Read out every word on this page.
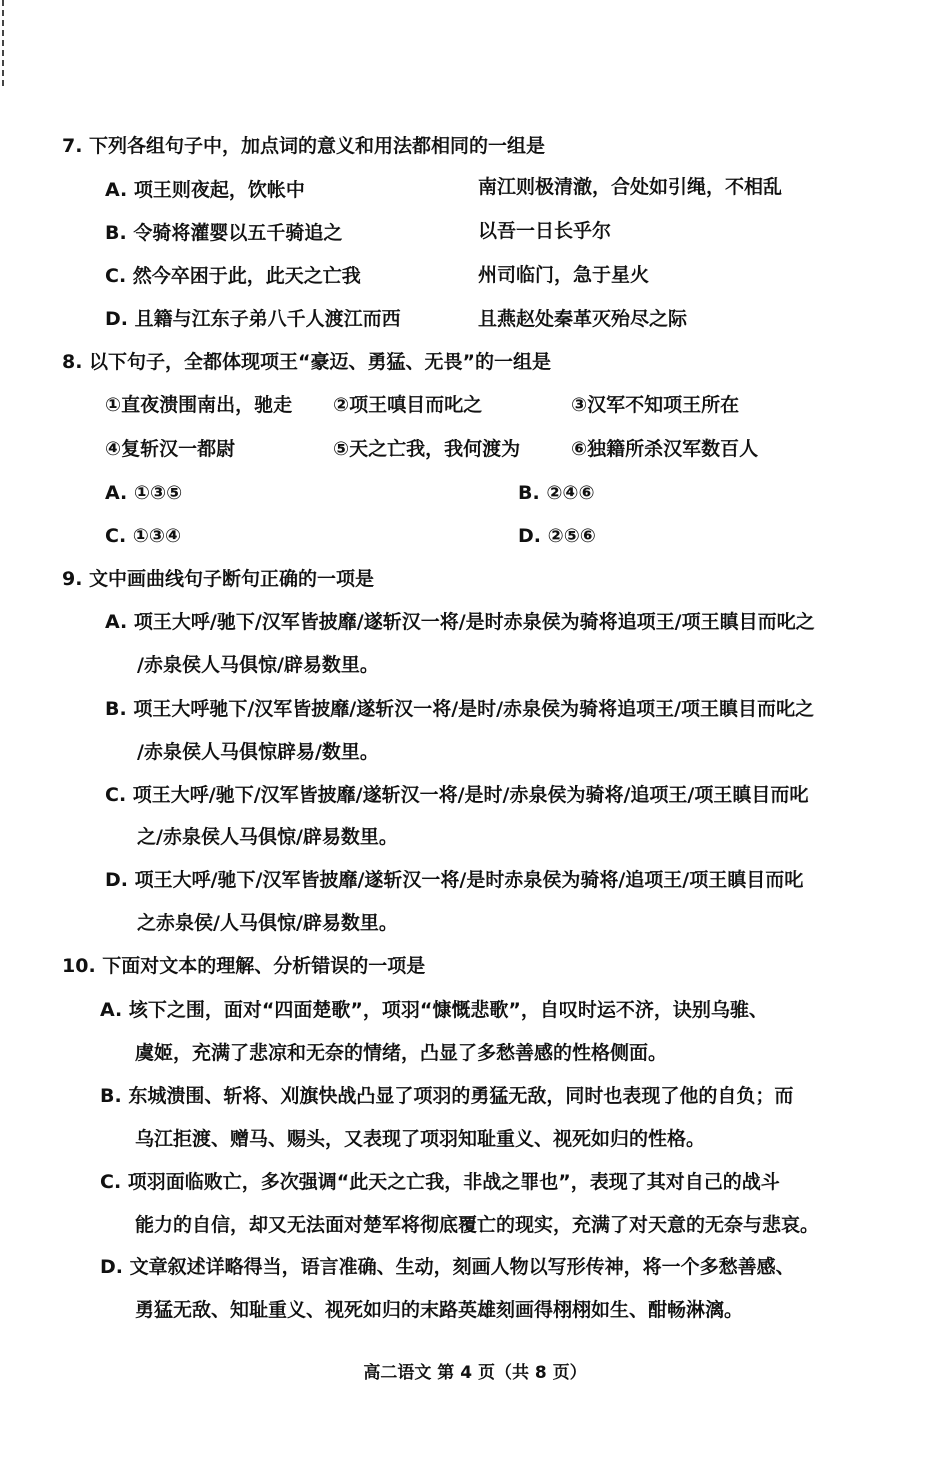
7. 下列各组句子中，加点词的意义和用法都相同的一组是
A. 项王则夜起，饮帐中	南江则极清澈，合处如引绳，不相乱
B. 令骑将灌婴以五千骑追之	以吾一日长乎尔
C. 然今卒困于此，此天之亡我	州司临门，急于星火
D. 且籍与江东子弟八千人渡江而西	且燕赵处秦革灭殆尽之际
8. 以下句子，全都体现项王“豪迈、勇猛、无畏”的一组是
①直夜溃围南出，驰走 ②项王嗔目而叱之	③汉军不知项王所在
④复斩汉一都尉	⑤天之亡我，我何渡为	⑥独籍所杀汉军数百人
A. ①③⑤	B. ②④⑥
C. ①③④	D. ②⑤⑥
9. 文中画曲线句子断句正确的一项是
A. 项王大呼/驰下/汉军皆披靡/遂斩汉一将/是时赤泉侯为骑将追项王/项王瞋目而叱之
/赤泉侯人马俱惊/辟易数里。
B. 项王大呼驰下/汉军皆披靡/遂斩汉一将/是时/赤泉侯为骑将追项王/项王瞋目而叱之
/赤泉侯人马俱惊辟易/数里。
C. 项王大呼/驰下/汉军皆披靡/遂斩汉一将/是时/赤泉侯为骑将/追项王/项王瞋目而叱
之/赤泉侯人马俱惊/辟易数里。
D. 项王大呼/驰下/汉军皆披靡/遂斩汉一将/是时赤泉侯为骑将/追项王/项王瞋目而叱
之赤泉侯/人马俱惊/辟易数里。
10. 下面对文本的理解、分析错误的一项是
A. 垓下之围，面对“四面楚歌”，项羽“慷慨悲歌”，自叹时运不济，诀别乌骓、
虞姬，充满了悲凉和无奈的情绪，凸显了多愁善感的性格侧面。
B. 东城溃围、斩将、刈旗快战凸显了项羽的勇猛无敌，同时也表现了他的自负；而
乌江拒渡、赠马、赐头，又表现了项羽知耻重义、视死如归的性格。
C. 项羽面临败亡，多次强调“此天之亡我，非战之罪也”，表现了其对自己的战斗
能力的自信，却又无法面对楚军将彻底覆亡的现实，充满了对天意的无奈与悲哀。
D. 文章叙述详略得当，语言准确、生动，刻画人物以写形传神，将一个多愁善感、
勇猛无敌、知耻重义、视死如归的末路英雄刻画得栩栩如生、酣畅淋漓。
高二语文 第 4 页（共 8 页）
